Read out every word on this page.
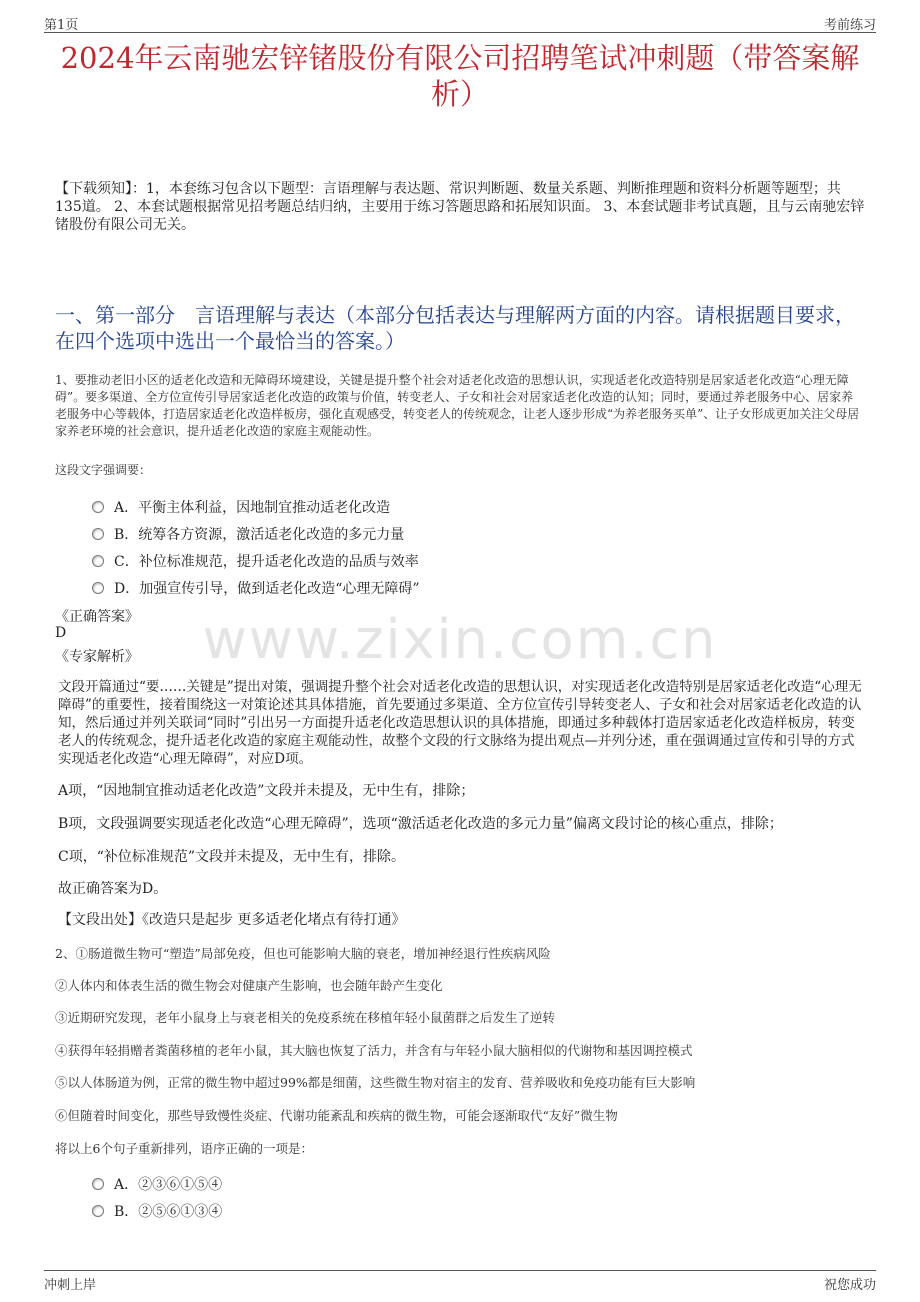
第1页	考前练习
2024年云南驰宏锌锗股份有限公司招聘笔试冲刺题（带答案解析）
【下载须知】：1，本套练习包含以下题型：言语理解与表达题、常识判断题、数量关系题、判断推理题和资料分析题等题型；共135道。 2、本套试题根据常见招考题总结归纳，主要用于练习答题思路和拓展知识面。 3、本套试题非考试真题，且与云南驰宏锌锗股份有限公司无关。
一、第一部分　言语理解与表达（本部分包括表达与理解两方面的内容。请根据题目要求，在四个选项中选出一个最恰当的答案。）
1、要推动老旧小区的适老化改造和无障碍环境建设，关键是提升整个社会对适老化改造的思想认识，实现适老化改造特别是居家适老化改造“心理无障碍”。要多渠道、全方位宣传引导居家适老化改造的政策与价值，转变老人、子女和社会对居家适老化改造的认知；同时，要通过养老服务中心、居家养老服务中心等载体，打造居家适老化改造样板房，强化直观感受，转变老人的传统观念，让老人逐步形成“为养老服务买单”、让子女形成更加关注父母居家养老环境的社会意识，提升适老化改造的家庭主观能动性。
这段文字强调要：
A．平衡主体利益，因地制宜推动适老化改造
B．统筹各方资源，激活适老化改造的多元力量
C．补位标准规范，提升适老化改造的品质与效率
D．加强宣传引导，做到适老化改造“心理无障碍”
《正确答案》
D
《专家解析》	www.zixin.com.cn
文段开篇通过“要……关键是”提出对策，强调提升整个社会对适老化改造的思想认识，对实现适老化改造特别是居家适老化改造“心理无障碍”的重要性，接着围绕这一对策论述其具体措施，首先要通过多渠道、全方位宣传引导转变老人、子女和社会对居家适老化改造的认知，然后通过并列关联词“同时”引出另一方面提升适老化改造思想认识的具体措施，即通过多种载体打造居家适老化改造样板房，转变老人的传统观念，提升适老化改造的家庭主观能动性，故整个文段的行文脉络为提出观点—并列分述，重在强调通过宣传和引导的方式实现适老化改造“心理无障碍”，对应D项。
A项，“因地制宜推动适老化改造”文段并未提及，无中生有，排除；
B项，文段强调要实现适老化改造“心理无障碍”，选项“激活适老化改造的多元力量”偏离文段讨论的核心重点，排除；
C项，“补位标准规范”文段并未提及，无中生有，排除。
故正确答案为D。
【文段出处】《改造只是起步 更多适老化堵点有待打通》
2、①肠道微生物可“塑造”局部免疫，但也可能影响大脑的衰老，增加神经退行性疾病风险
②人体内和体表生活的微生物会对健康产生影响，也会随年龄产生变化
③近期研究发现，老年小鼠身上与衰老相关的免疫系统在移植年轻小鼠菌群之后发生了逆转
④获得年轻捐赠者粪菌移植的老年小鼠，其大脑也恢复了活力，并含有与年轻小鼠大脑相似的代谢物和基因调控模式
⑤以人体肠道为例，正常的微生物中超过99%都是细菌，这些微生物对宿主的发育、营养吸收和免疫功能有巨大影响
⑥但随着时间变化，那些导致慢性炎症、代谢功能紊乱和疾病的微生物，可能会逐渐取代“友好”微生物
将以上6个句子重新排列，语序正确的一项是：
A．②③⑥①⑤④
B．②⑤⑥①③④
冲刺上岸	祝您成功
